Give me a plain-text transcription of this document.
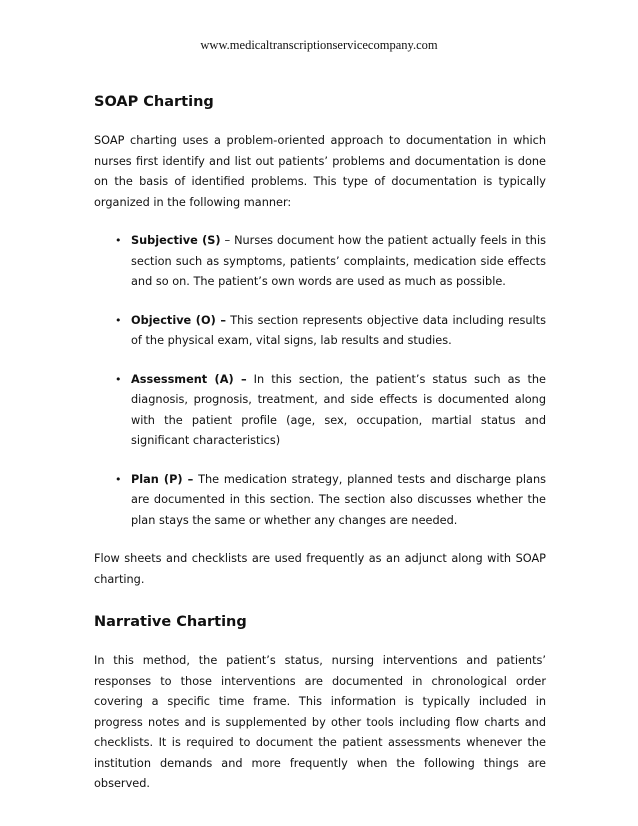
www.medicaltranscriptionservicecompany.com

SOAP Charting

SOAP charting uses a problem-oriented approach to documentation in which nurses first identify and list out patients’ problems and documentation is done on the basis of identified problems. This type of documentation is typically organized in the following manner:

• Subjective (S) – Nurses document how the patient actually feels in this section such as symptoms, patients’ complaints, medication side effects and so on. The patient’s own words are used as much as possible.
• Objective (O) – This section represents objective data including results of the physical exam, vital signs, lab results and studies.
• Assessment (A) – In this section, the patient’s status such as the diagnosis, prognosis, treatment, and side effects is documented along with the patient profile (age, sex, occupation, martial status and significant characteristics)
• Plan (P) – The medication strategy, planned tests and discharge plans are documented in this section. The section also discusses whether the plan stays the same or whether any changes are needed.

Flow sheets and checklists are used frequently as an adjunct along with SOAP charting.

Narrative Charting

In this method, the patient’s status, nursing interventions and patients’ responses to those interventions are documented in chronological order covering a specific time frame. This information is typically included in progress notes and is supplemented by other tools including flow charts and checklists. It is required to document the patient assessments whenever the institution demands and more frequently when the following things are observed.
